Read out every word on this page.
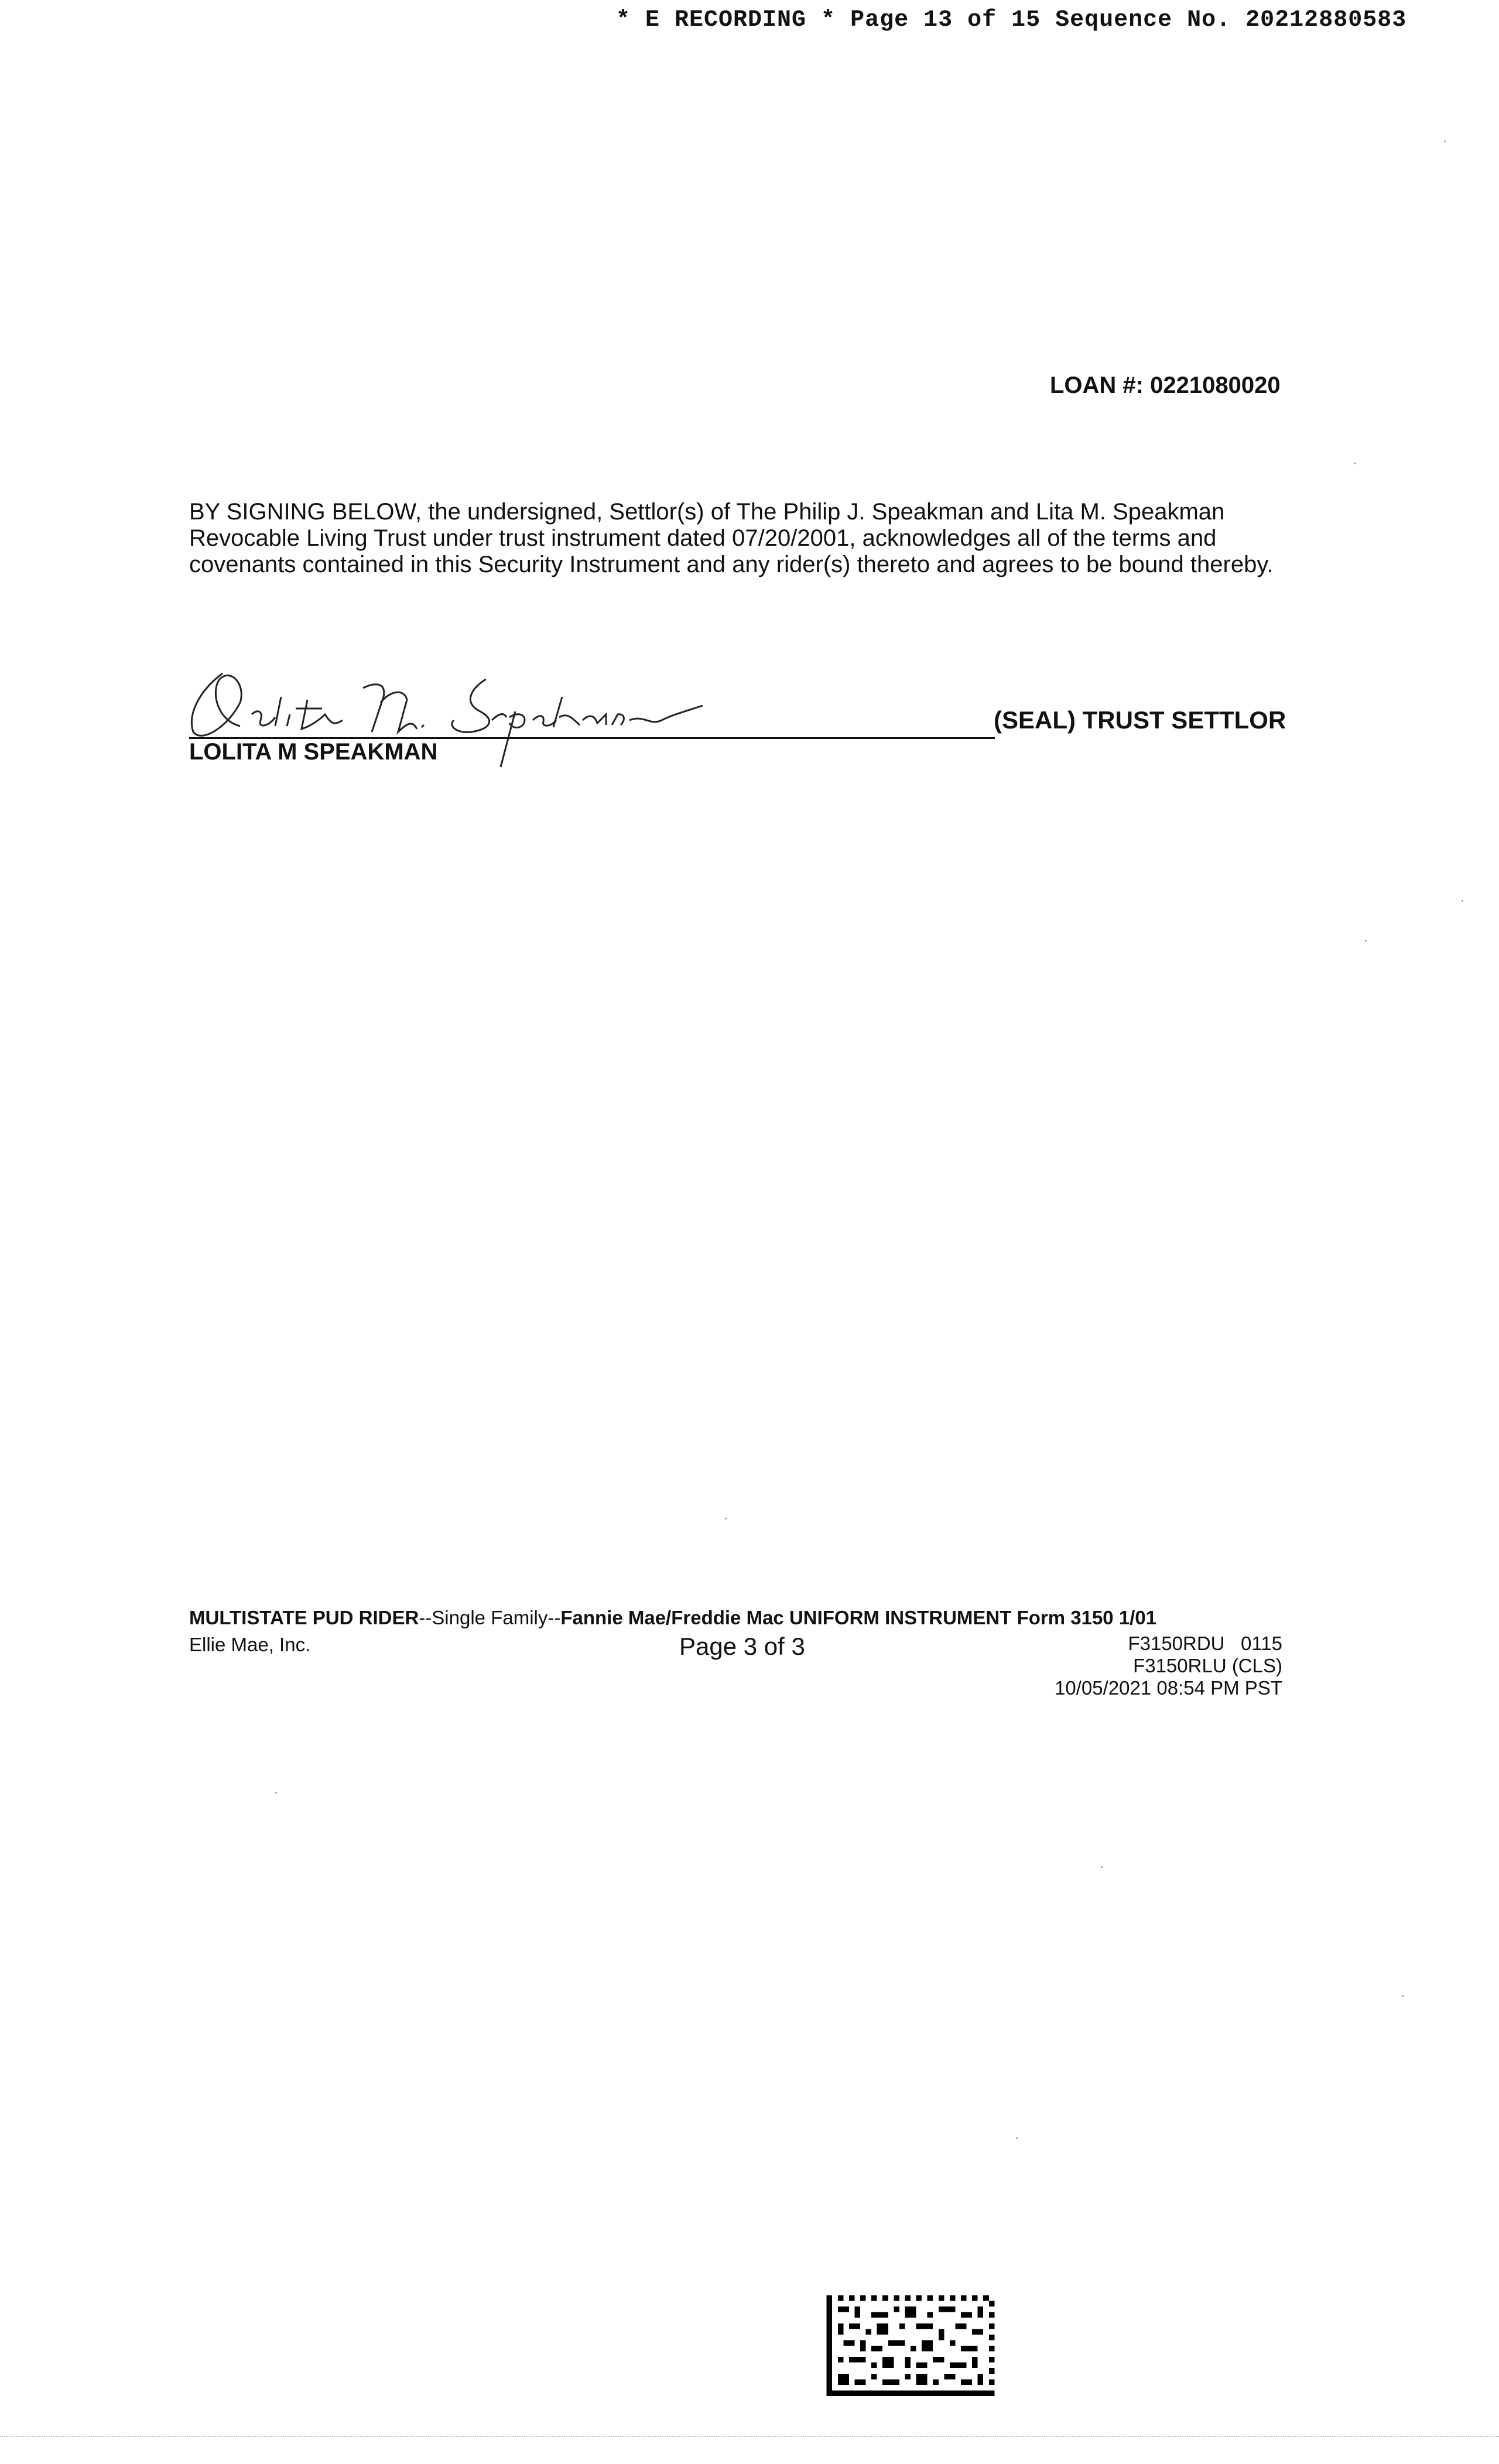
* E RECORDING * Page 13 of 15 Sequence No. 20212880583
LOAN #: 0221080020
BY SIGNING BELOW, the undersigned, Settlor(s) of The Philip J. Speakman and Lita M. Speakman Revocable Living Trust under trust instrument dated 07/20/2001, acknowledges all of the terms and covenants contained in this Security Instrument and any rider(s) thereto and agrees to be bound thereby.
LOLITA M SPEAKMAN
(SEAL) TRUST SETTLOR
MULTISTATE PUD RIDER--Single Family--Fannie Mae/Freddie Mac UNIFORM INSTRUMENT Form 3150 1/01
Ellie Mae, Inc.	Page 3 of 3	F3150RDU   0115
F3150RLU (CLS)
10/05/2021 08:54 PM PST
